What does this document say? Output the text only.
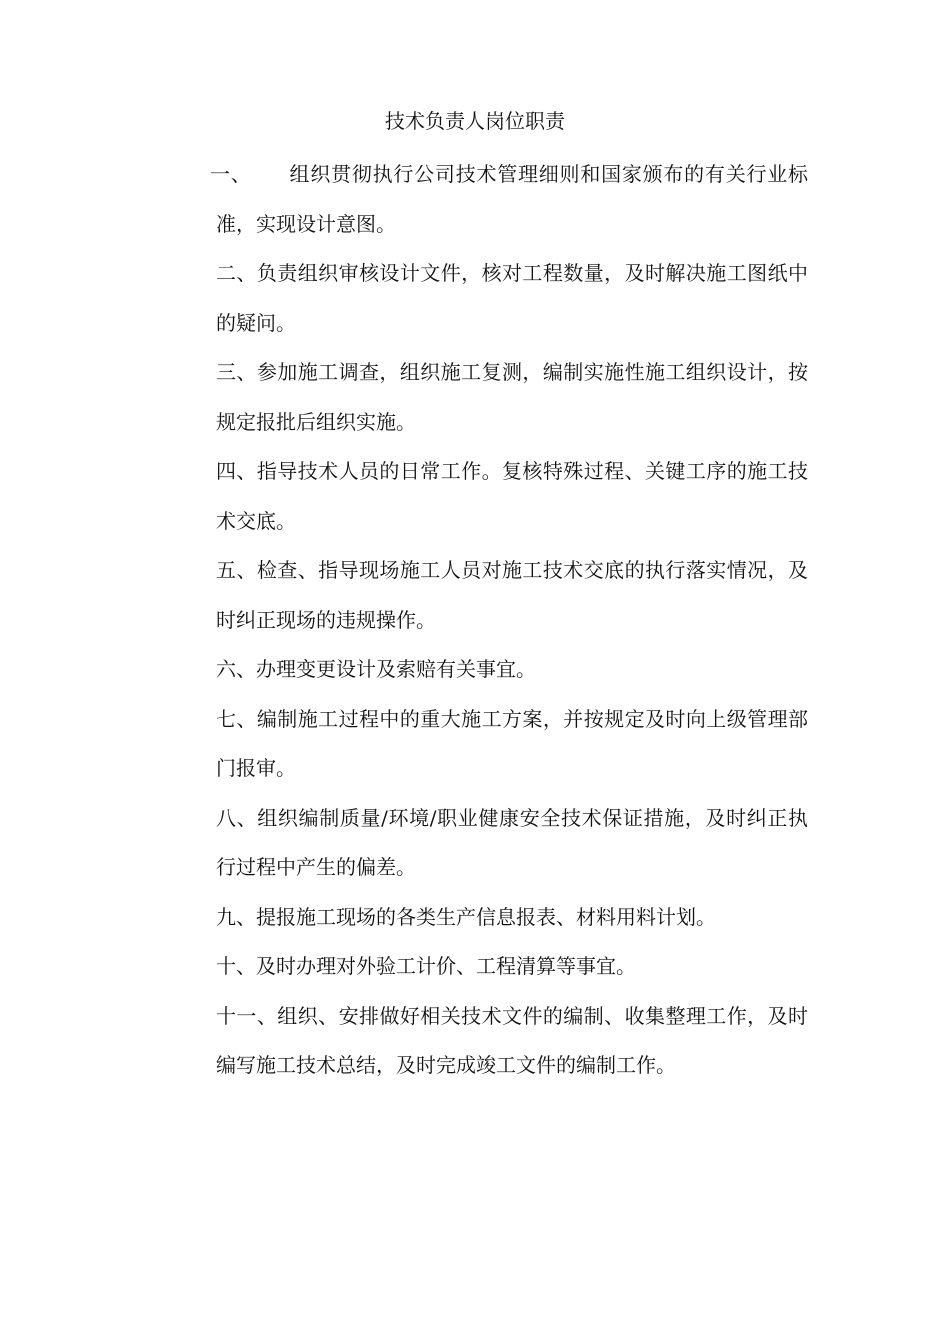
技术负责人岗位职责

一、 组织贯彻执行公司技术管理细则和国家颁布的有关行业标准，实现设计意图。

二、负责组织审核设计文件，核对工程数量，及时解决施工图纸中的疑问。

三、参加施工调查，组织施工复测，编制实施性施工组织设计，按规定报批后组织实施。

四、指导技术人员的日常工作。复核特殊过程、关键工序的施工技术交底。

五、检查、指导现场施工人员对施工技术交底的执行落实情况，及时纠正现场的违规操作。

六、办理变更设计及索赔有关事宜。

七、编制施工过程中的重大施工方案，并按规定及时向上级管理部门报审。

八、组织编制质量/环境/职业健康安全技术保证措施，及时纠正执行过程中产生的偏差。

九、提报施工现场的各类生产信息报表、材料用料计划。

十、及时办理对外验工计价、工程清算等事宜。

十一、组织、安排做好相关技术文件的编制、收集整理工作，及时编写施工技术总结，及时完成竣工文件的编制工作。
